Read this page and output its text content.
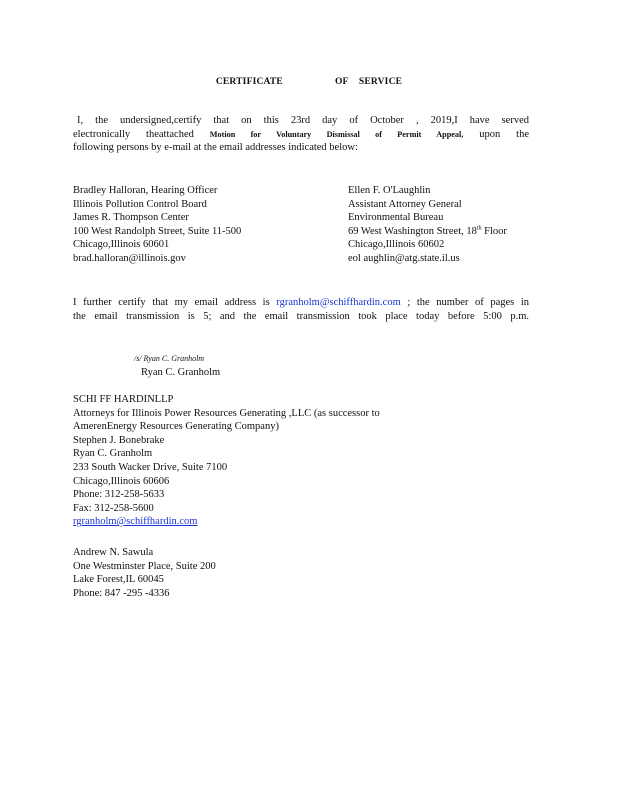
CERTIFICATE	OF SERVICE
I, the undersigned,certify that on this 23rd day of October , 2019,I have served
electronically theattached Motion for Voluntary Dismissal of Permit Appeal, upon the
following persons by e-mail at the email addresses indicated below:
Bradley Halloran, Hearing Officer
Illinois Pollution Control Board
James R. Thompson Center
100 West Randolph Street, Suite 11-500
Chicago,Illinois 60601
brad.halloran@illinois.gov
Ellen F. O'Laughlin
Assistant Attorney General
Environmental Bureau
69 West Washington Street, 18th Floor
Chicago,Illinois 60602
eol aughlin@atg.state.il.us
I further certify that my email address is rgranholm@schiffhardin.com ; the number of pages in
the email transmission is 5; and the email transmission took place today before 5:00 p.m.
/s/ Ryan C. Granholm
Ryan C. Granholm
SCHI FF HARDINLLP
Attorneys for Illinois Power Resources Generating ,LLC (as successor to
AmerenEnergy Resources Generating Company)
Stephen J. Bonebrake
Ryan C. Granholm
233 South Wacker Drive, Suite 7100
Chicago,Illinois 60606
Phone: 312-258-5633
Fax: 312-258-5600
rgranholm@schiffhardin.com
Andrew N. Sawula
One Westminster Place, Suite 200
Lake Forest,IL 60045
Phone: 847 -295 -4336
